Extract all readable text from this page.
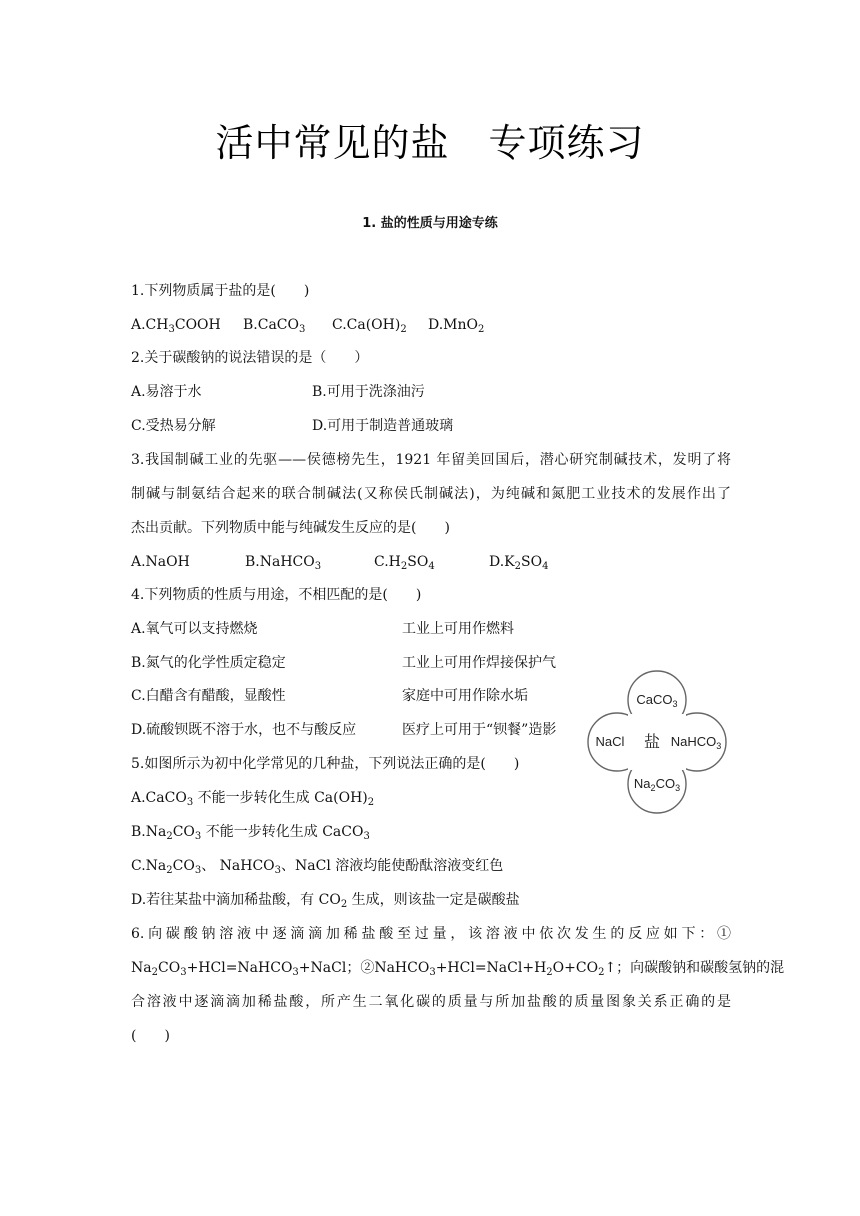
活中常见的盐　专项练习
1. 盐的性质与用途专练
1.下列物质属于盐的是(　　)
$A.CH_3COOH$ B.CaCO$_3$ $C.Ca(OH)_2$ D.MnO$_2$
2.关于碳酸钠的说法错误的是（　　）
A.易溶于水	B.可用于洗涤油污
C.受热易分解	D.可用于制造普通玻璃
3.我国制碱工业的先驱——侯德榜先生，1921 年留美回国后，潜心研究制碱技术，发明了将
制碱与制氨结合起来的联合制碱法(又称侯氏制碱法)，为纯碱和氮肥工业技术的发展作出了
杰出贡献。下列物质中能与纯碱发生反应的是(　　)
A.NaOH	B.NaHCO$_3$	$C.H_2SO_4$	$D.K_2SO_4$
4.下列物质的性质与用途，不相匹配的是(　　)
A.氧气可以支持燃烧	工业上可用作燃料
B.氮气的化学性质定稳定	工业上可用作焊接保护气
C.白醋含有醋酸，显酸性	家庭中可用作除水垢
D.硫酸钡既不溶于水，也不与酸反应	医疗上可用于“钡餐”造影
CaCO$_3$
NaCl 盐 NaHCO$_3$
$Na_2CO_3$
5.如图所示为初中化学常见的几种盐，下列说法正确的是(　　)
A.CaCO$_3$ 不能一步转化生成 $Ca(OH)_2$
$B.Na_2CO_3$ 不能一步转化生成 CaCO$_3$
$C.Na_2CO_3$、 NaHCO$_3$、NaCl 溶液均能使酚酞溶液变红色
D.若往某盐中滴加稀盐酸，有 $CO_2$ 生成，则该盐一定是碳酸盐
6.向碳酸钠溶液中逐滴滴加稀盐酸至过量，该溶液中依次发生的反应如下：①
$Na_2CO_3+HCl=NaHCO_3+NaCl$；$②NaHCO_3+HCl=NaCl+H_2O+CO_2↑$；向碳酸钠和碳酸氢钠的混
合溶液中逐滴滴加稀盐酸，所产生二氧化碳的质量与所加盐酸的质量图象关系正确的是
(　　)
